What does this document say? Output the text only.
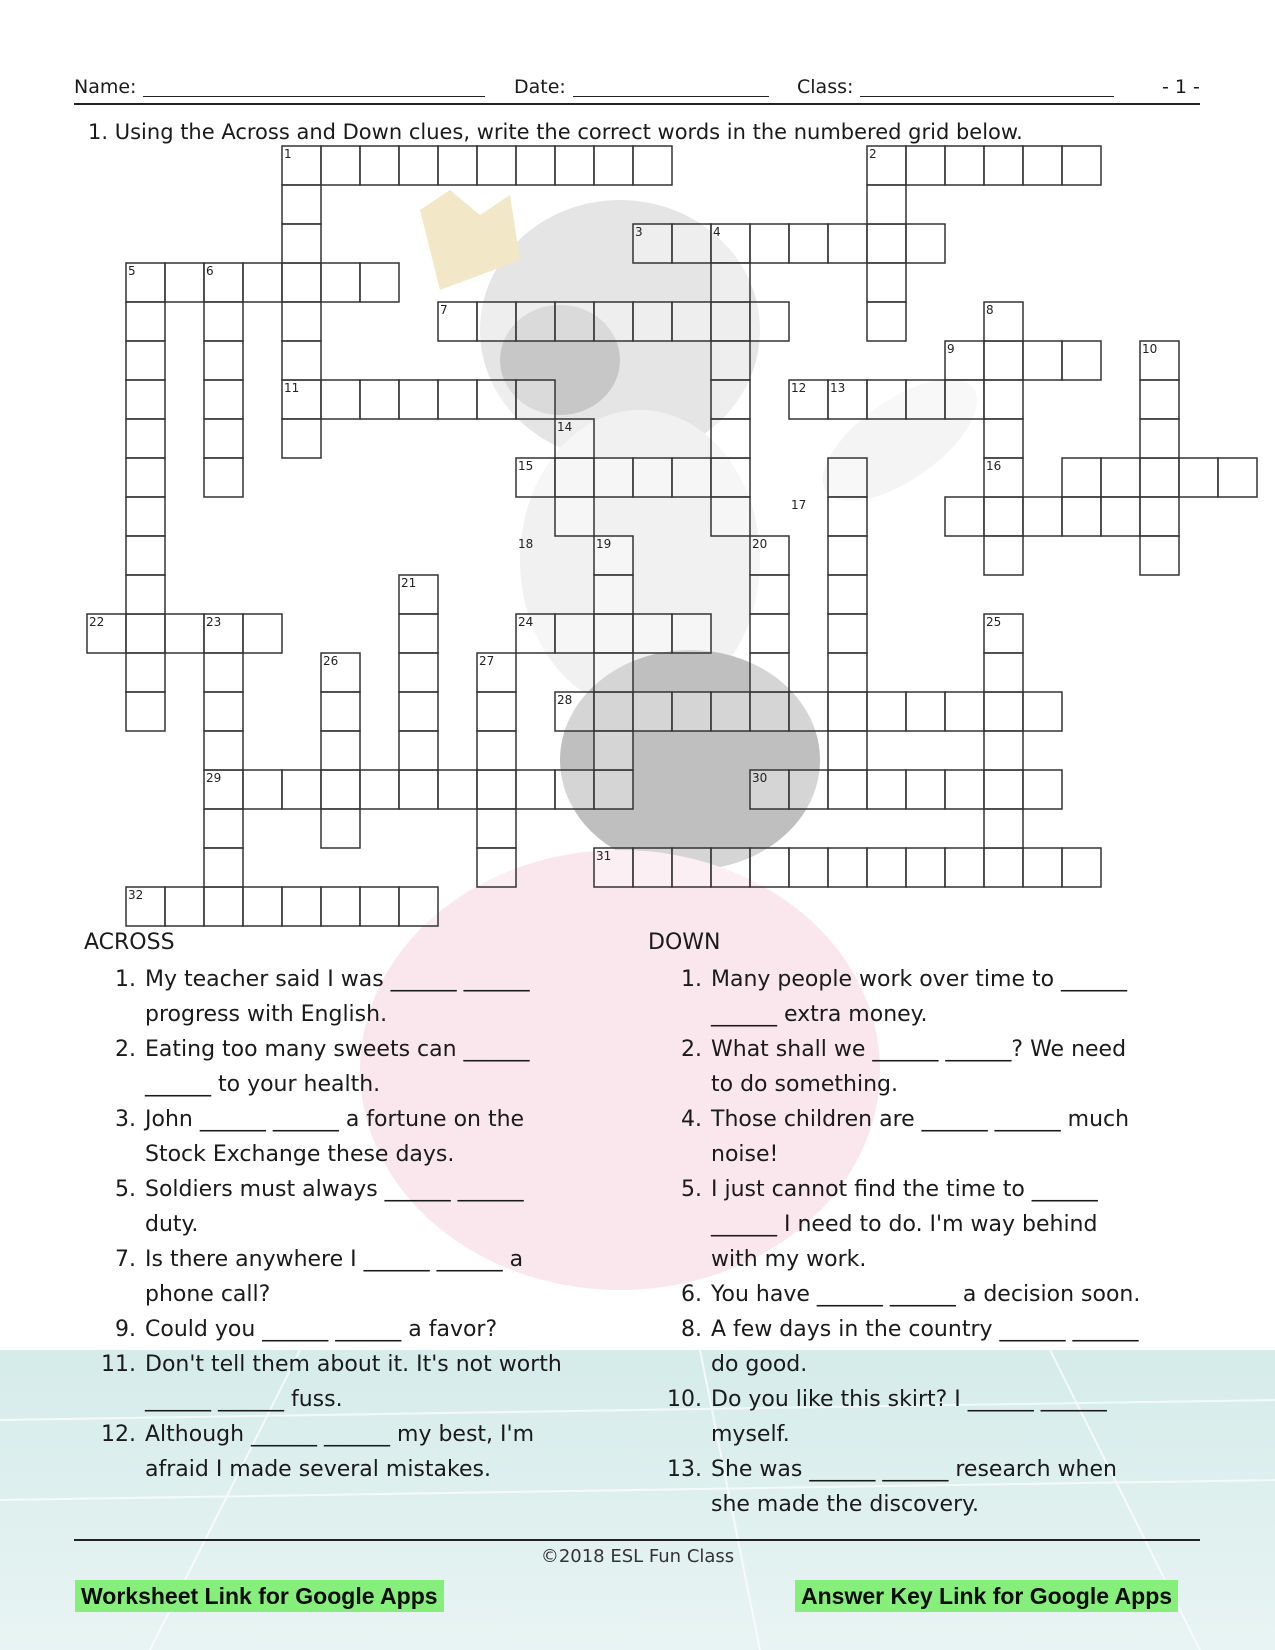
Name:	Date:	Class:	- 1 -
1. Using the Across and Down clues, write the correct words in the numbered grid below.
1	2
3	4
5	6
7	8
9	10
11	12 13
14
15	16
17
18	19	20
21
22	23	24	25
26	27
28
29	30
31
32
ACROSS	DOWN
1. My teacher said I was ______ ______
progress with English.
2. Eating too many sweets can ______
______ to your health.
3. John ______ ______ a fortune on the
Stock Exchange these days.
5. Soldiers must always ______ ______
duty.
7. Is there anywhere I ______ ______ a
phone call?
9. Could you ______ ______ a favor?
11. Don't tell them about it. It's not worth
______ ______ fuss.
12. Although ______ ______ my best, I'm
afraid I made several mistakes.
1. Many people work over time to ______
______ extra money.
2. What shall we ______ ______? We need
to do something.
4. Those children are ______ ______ much
noise!
5. I just cannot find the time to ______
______ I need to do. I'm way behind
with my work.
6. You have ______ ______ a decision soon.
8. A few days in the country ______ ______
do good.
10. Do you like this skirt? I ______ ______
myself.
13. She was ______ ______ research when
she made the discovery.
©2018 ESL Fun Class
Worksheet Link for Google Apps	Answer Key Link for Google Apps
